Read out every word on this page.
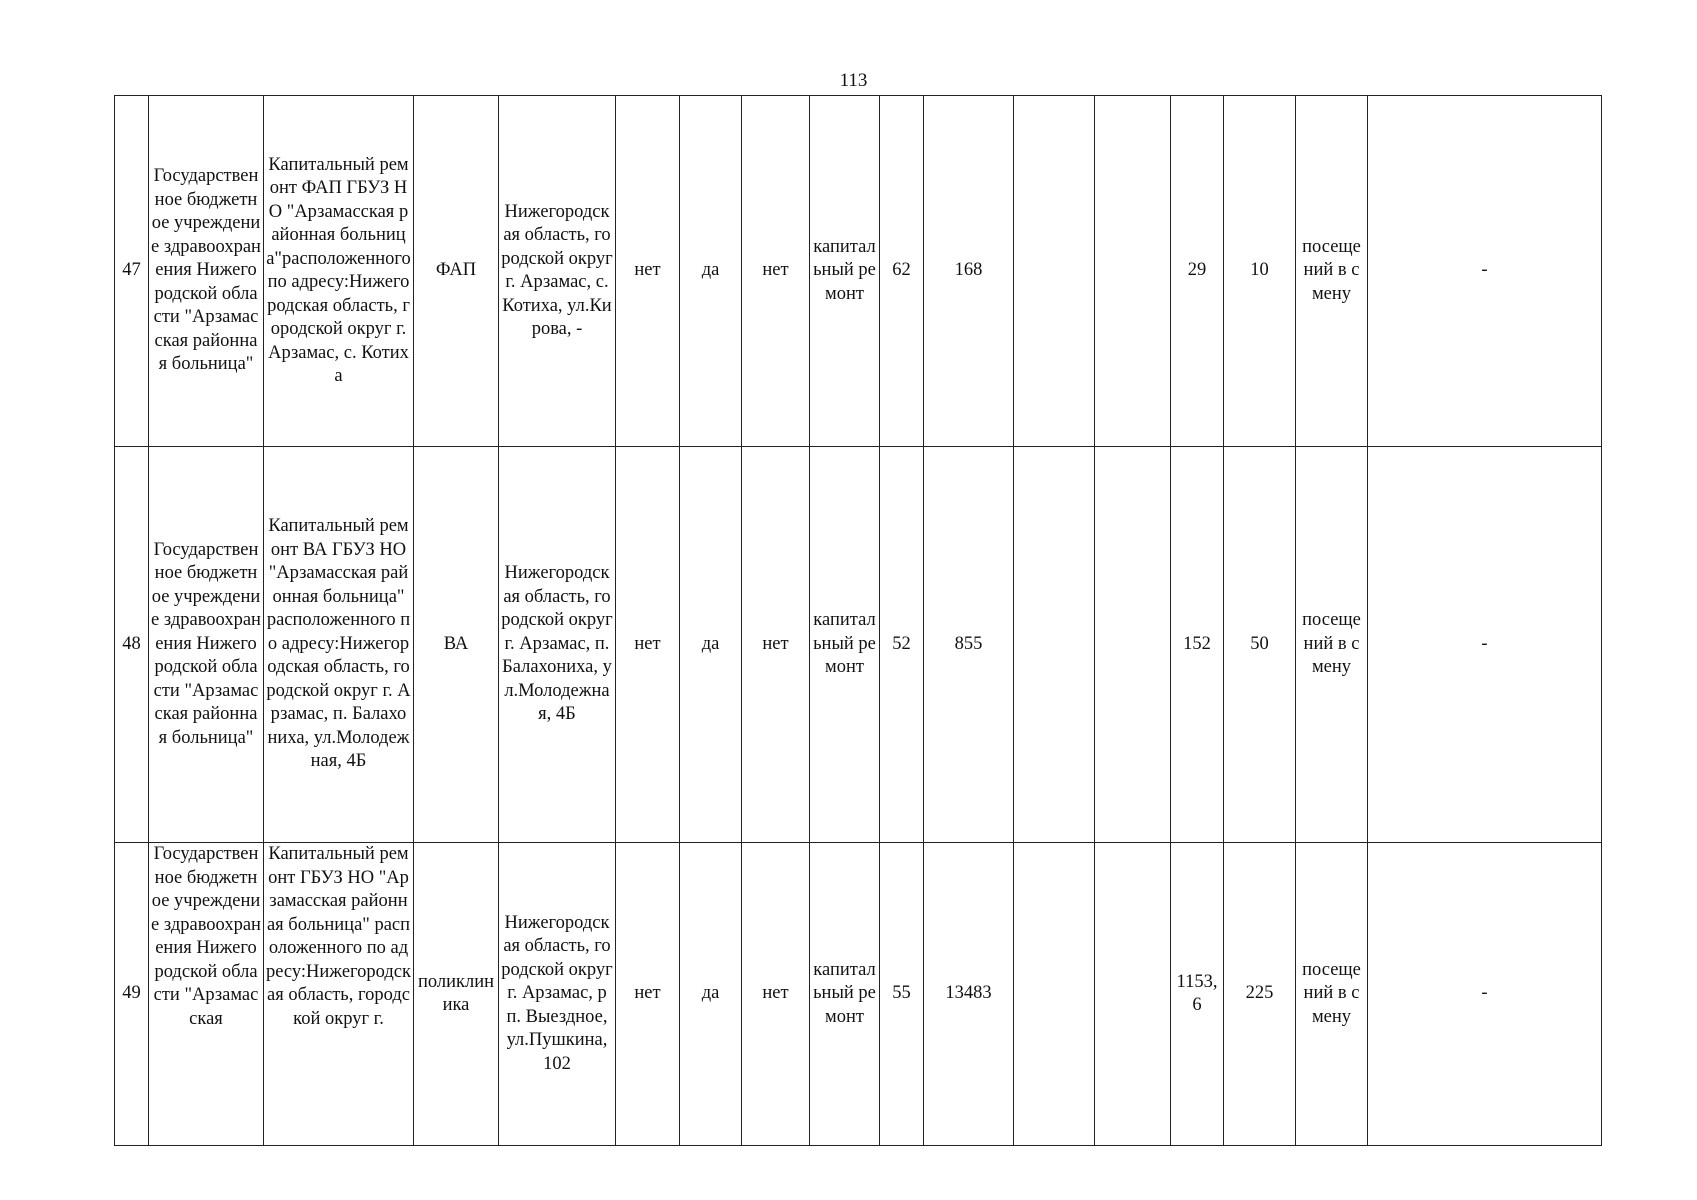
113
47	Государственное бюджетное учреждение здравоохранения Нижегородской области "Арзамасская районная больница"	Капитальный ремонт ФАП ГБУЗ НО "Арзамасская районная больница"расположенного по адресу:Нижегородская область, городской округ г. Арзамас, с. Котиха	ФАП	Нижегородская область, городской округ г. Арзамас, с. Котиха, ул.Кирова, -	нет	да	нет	капитальный ремонт	62	168			29	10	посещений в смену	-

48	Государственное бюджетное учреждение здравоохранения Нижегородской области "Арзамасская районная больница"	Капитальный ремонт ВА ГБУЗ НО "Арзамасская районная больница" расположенного по адресу:Нижегородская область, городской округ г. Арзамас, п. Балахониха, ул.Молодежная, 4Б	ВА	Нижегородская область, городской округ г. Арзамас, п. Балахониха, ул.Молодежная, 4Б	нет	да	нет	капитальный ремонт	52	855			152	50	посещений в смену	-

49	Государственное бюджетное учреждение здравоохранения Нижегородской области "Арзамасская	Капитальный ремонт ГБУЗ НО "Арзамасская районная больница" расположенного по адресу:Нижегородская область, городской округ г.	поликлиника	Нижегородская область, городской округ г. Арзамас, рп. Выездное, ул.Пушкина, 102	нет	да	нет	капитальный ремонт	55	13483			1153,6	225	посещений в смену	-
